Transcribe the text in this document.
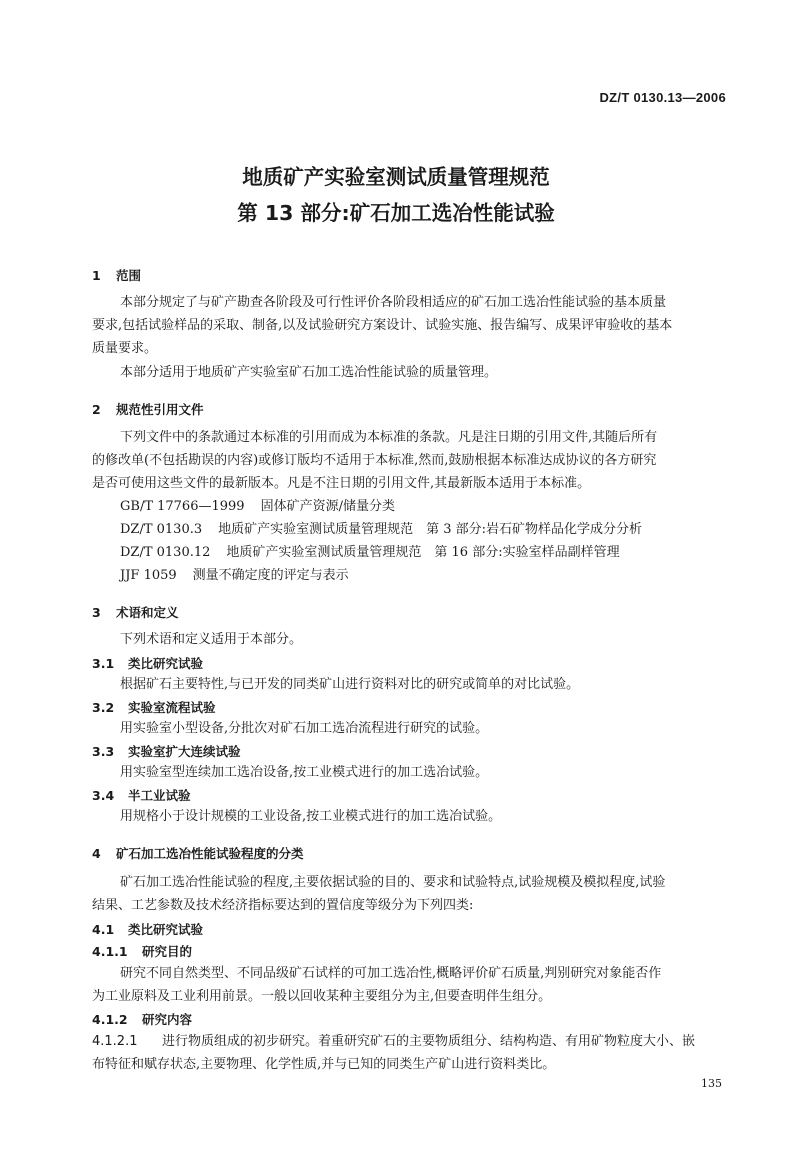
DZ/T 0130.13—2006
地质矿产实验室测试质量管理规范
第 13 部分:矿石加工选冶性能试验
1 范围
本部分规定了与矿产勘查各阶段及可行性评价各阶段相适应的矿石加工选冶性能试验的基本质量
要求,包括试验样品的采取、制备,以及试验研究方案设计、试验实施、报告编写、成果评审验收的基本
质量要求。
本部分适用于地质矿产实验室矿石加工选冶性能试验的质量管理。
2 规范性引用文件
下列文件中的条款通过本标准的引用而成为本标准的条款。凡是注日期的引用文件,其随后所有
的修改单(不包括勘误的内容)或修订版均不适用于本标准,然而,鼓励根据本标准达成协议的各方研究
是否可使用这些文件的最新版本。凡是不注日期的引用文件,其最新版本适用于本标准。
GB/T 17766—1999 固体矿产资源/储量分类
DZ/T 0130.3 地质矿产实验室测试质量管理规范　第 3 部分:岩石矿物样品化学成分分析
DZ/T 0130.12 地质矿产实验室测试质量管理规范　第 16 部分:实验室样品副样管理
JJF 1059 测量不确定度的评定与表示
3 术语和定义
下列术语和定义适用于本部分。
3.1 类比研究试验
根据矿石主要特性,与已开发的同类矿山进行资料对比的研究或简单的对比试验。
3.2 实验室流程试验
用实验室小型设备,分批次对矿石加工选冶流程进行研究的试验。
3.3 实验室扩大连续试验
用实验室型连续加工选冶设备,按工业模式进行的加工选冶试验。
3.4 半工业试验
用规格小于设计规模的工业设备,按工业模式进行的加工选冶试验。
4 矿石加工选冶性能试验程度的分类
矿石加工选冶性能试验的程度,主要依据试验的目的、要求和试验特点,试验规模及模拟程度,试验
结果、工艺参数及技术经济指标要达到的置信度等级分为下列四类:
4.1 类比研究试验
4.1.1 研究目的
研究不同自然类型、不同品级矿石试样的可加工选冶性,概略评价矿石质量,判别研究对象能否作
为工业原料及工业利用前景。一般以回收某种主要组分为主,但要查明伴生组分。
4.1.2 研究内容
4.1.2.1 进行物质组成的初步研究。着重研究矿石的主要物质组分、结构构造、有用矿物粒度大小、嵌
布特征和赋存状态,主要物理、化学性质,并与已知的同类生产矿山进行资料类比。
135
